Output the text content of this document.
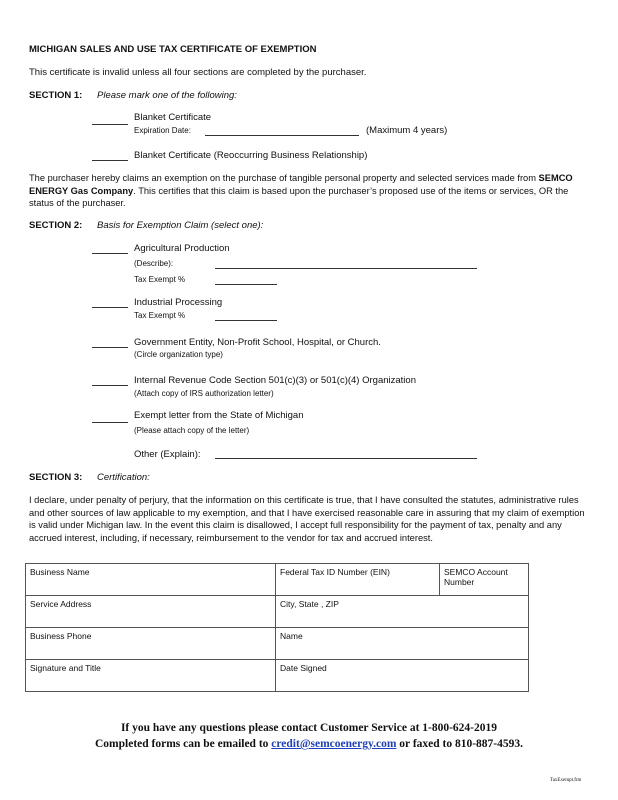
MICHIGAN SALES AND USE TAX CERTIFICATE OF EXEMPTION
This certificate is invalid unless all four sections are completed by the purchaser.
SECTION 1: Please mark one of the following:
Blanket Certificate
Expiration Date:	(Maximum 4 years)
Blanket Certificate (Reoccurring Business Relationship)

The purchaser hereby claims an exemption on the purchase of tangible personal property and selected services made from SEMCO ENERGY Gas Company. This certifies that this claim is based upon the purchaser’s proposed use of the items or services, OR the status of the purchaser.

SECTION 2: Basis for Exemption Claim (select one):
Agricultural Production
(Describe):
Tax Exempt %
Industrial Processing
Tax Exempt %
Government Entity, Non-Profit School, Hospital, or Church.
(Circle organization type)
Internal Revenue Code Section 501(c)(3) or 501(c)(4) Organization
(Attach copy of IRS authorization letter)
Exempt letter from the State of Michigan
(Please attach copy of the letter)
Other (Explain):
SECTION 3: Certification:

I declare, under penalty of perjury, that the information on this certificate is true, that I have consulted the statutes, administrative rules and other sources of law applicable to my exemption, and that I have exercised reasonable care in assuring that my claim of exemption is valid under Michigan law. In the event this claim is disallowed, I accept full responsibility for the payment of tax, penalty and any accrued interest, including, if necessary, reimbursement to the vendor for tax and accrued interest.

Business Name	Federal Tax ID Number (EIN)	SEMCO Account Number
Service Address	City, State , ZIP	
Business Phone	Name	
Signature and Title	Date Signed	
If you have any questions please contact Customer Service at 1-800-624-2019
Completed forms can be emailed to credit@semcoenergy.com or faxed to 810-887-4593.
TaxExempt.frm
